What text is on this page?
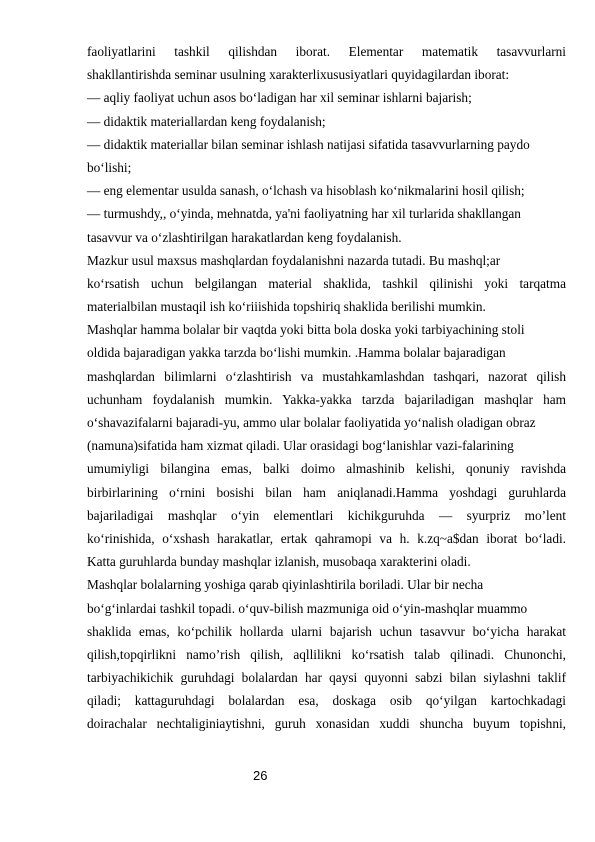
faoliyatlarini tashkil qilishdan iborat. Elementar matematik tasavvurlarni
shakllantirishda seminar usulning xarakterlixususiyatlari quyidagilardan iborat:
— aqliy faoliyat uchun asos bo‘ladigan har xil seminar ishlarni bajarish;
— didaktik materiallardan keng foydalanish;
— didaktik materiallar bilan seminar ishlash natijasi sifatida tasavvurlarning paydo
bo‘lishi;
— eng elementar usulda sanash, o‘lchash va hisoblash ko‘nikmalarini hosil qilish;
— turmushdy,, o‘yinda, mehnatda, ya'ni faoliyatning har xil turlarida shakllangan
tasavvur va o‘zlashtirilgan harakatlardan keng foydalanish.
Mazkur usul maxsus mashqlardan foydalanishni nazarda tutadi. Bu mashql;ar
ko‘rsatish uchun belgilangan material shaklida, tashkil qilinishi yoki tarqatma
materialbilan mustaqil ish ko‘riiishida topshiriq shaklida berilishi mumkin.
Mashqlar hamma bolalar bir vaqtda yoki bitta bola doska yoki tarbiyachining stoli
oldida bajaradigan yakka tarzda bo‘lishi mumkin. .Hamma bolalar bajaradigan
mashqlardan bilimlarni o‘zlashtirish va mustahkamlashdan tashqari, nazorat qilish
uchunham foydalanish mumkin. Yakka-yakka tarzda bajariladigan mashqlar ham
o‘shavazifalarni bajaradi-yu, ammo ular bolalar faoliyatida yo‘nalish oladigan obraz
(namuna)sifatida ham xizmat qiladi. Ular orasidagi bog‘lanishlar vazi-falarining
umumiyligi bilangina emas, balki doimo almashinib kelishi, qonuniy ravishda
birbirlarining o‘rnini bosishi bilan ham aniqlanadi.Hamma yoshdagi guruhlarda
bajariladigai mashqlar o‘yin elementlari kichikguruhda — syurpriz mo’lent
ko‘rinishida, o‘xshash harakatlar, ertak qahramopi va h. k.zq~a$dan iborat bo‘ladi.
Katta guruhlarda bunday mashqlar izlanish, musobaqa xarakterini oladi.
Mashqlar bolalarning yoshiga qarab qiyinlashtirila boriladi. Ular bir necha
bo‘g‘inlardai tashkil topadi. o‘quv-bilish mazmuniga oid o‘yin-mashqlar muammo
shaklida emas, ko‘pchilik hollarda ularni bajarish uchun tasavvur bo‘yicha harakat
qilish,topqirlikni namo’rish qilish, aqllilikni ko‘rsatish talab qilinadi. Chunonchi,
tarbiyachikichik guruhdagi bolalardan har qaysi quyonni sabzi bilan siylashni taklif
qiladi; kattaguruhdagi bolalardan esa, doskaga osib qo‘yilgan kartochkadagi
doirachalar nechtaliginiaytishni, guruh xonasidan xuddi shuncha buyum topishni,
26
